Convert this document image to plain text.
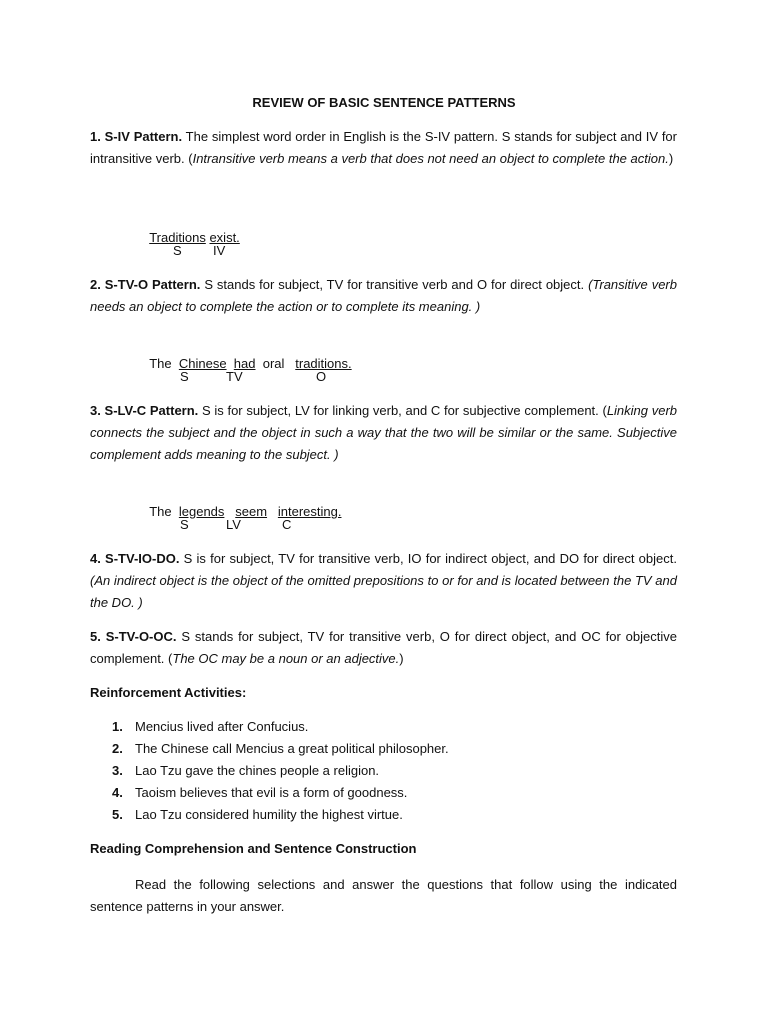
REVIEW OF BASIC SENTENCE PATTERNS
1. S-IV Pattern. The simplest word order in English is the S-IV pattern. S stands for subject and IV for intransitive verb. (Intransitive verb means a verb that does not need an object to complete the action.)

Traditions exist.

S IV
2. S-TV-O Pattern. S stands for subject, TV for transitive verb and O for direct object. (Transitive verb needs an object to complete the action or to complete its meaning. )

The Chinese had oral traditions.

S	TV	O
3. S-LV-C Pattern. S is for subject, LV for linking verb, and C for subjective complement. (Linking verb connects the subject and the object in such a way that the two will be similar or the same. Subjective complement adds meaning to the subject. )

The legends seem interesting.

S	LV	C
4. S-TV-IO-DO. S is for subject, TV for transitive verb, IO for indirect object, and DO for direct object. (An indirect object is the object of the omitted prepositions to or for and is located between the TV and the DO. )
5. S-TV-O-OC. S stands for subject, TV for transitive verb, O for direct object, and OC for objective complement. (The OC may be a noun or an adjective.)
Reinforcement Activities:
1. Mencius lived after Confucius.
2. The Chinese call Mencius a great political philosopher.
3. Lao Tzu gave the chines people a religion.
4. Taoism believes that evil is a form of goodness.
5. Lao Tzu considered humility the highest virtue.
Reading Comprehension and Sentence Construction
Read the following selections and answer the questions that follow using the indicated sentence patterns in your answer.
